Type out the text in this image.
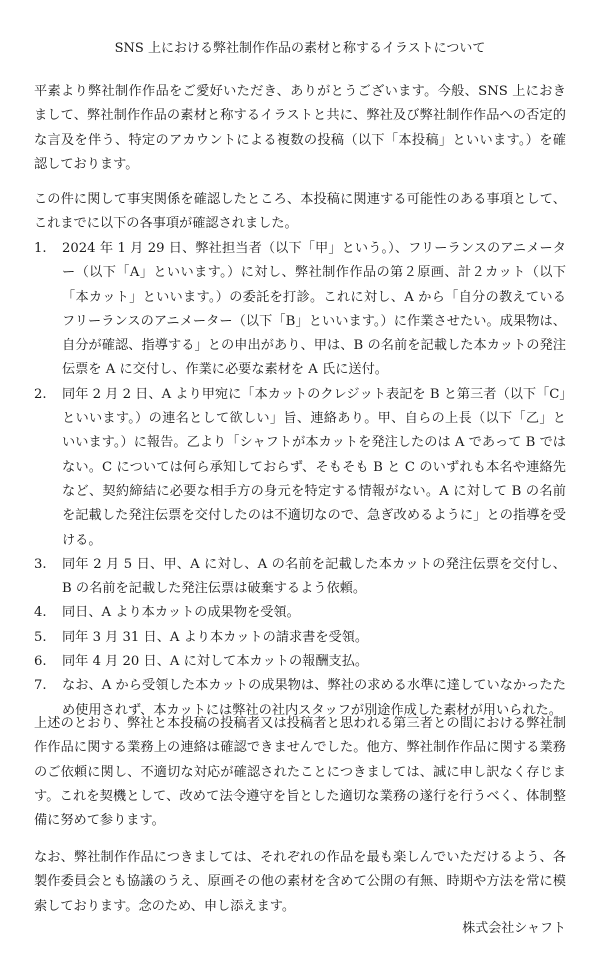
SNS 上における弊社制作作品の素材と称するイラストについて
平素より弊社制作作品をご愛好いただき、ありがとうございます。今般、SNS 上におきまして、弊社制作作品の素材と称するイラストと共に、弊社及び弊社制作作品への否定的な言及を伴う、特定のアカウントによる複数の投稿（以下「本投稿」といいます。）を確認しております。
この件に関して事実関係を確認したところ、本投稿に関連する可能性のある事項として、これまでに以下の各事項が確認されました。
1.	2024 年 1 月 29 日、弊社担当者（以下「甲」という。）、フリーランスのアニメーター（以下「A」といいます。）に対し、弊社制作作品の第２原画、計２カット（以下「本カット」といいます。）の委託を打診。これに対し、A から「自分の教えているフリーランスのアニメーター（以下「B」といいます。）に作業させたい。成果物は、自分が確認、指導する」との申出があり、甲は、B の名前を記載した本カットの発注伝票を A に交付し、作業に必要な素材を A 氏に送付。
2.	同年 2 月 2 日、A より甲宛に「本カットのクレジット表記を B と第三者（以下「C」といいます。）の連名として欲しい」旨、連絡あり。甲、自らの上長（以下「乙」といいます。）に報告。乙より「シャフトが本カットを発注したのは A であって B ではない。C については何ら承知しておらず、そもそも B と C のいずれも本名や連絡先など、契約締結に必要な相手方の身元を特定する情報がない。A に対して B の名前を記載した発注伝票を交付したのは不適切なので、急ぎ改めるように」との指導を受ける。
3.	同年 2 月 5 日、甲、A に対し、A の名前を記載した本カットの発注伝票を交付し、B の名前を記載した発注伝票は破棄するよう依頼。
4.	同日、A より本カットの成果物を受領。
5.	同年 3 月 31 日、A より本カットの請求書を受領。
6.	同年 4 月 20 日、A に対して本カットの報酬支払。
7.	なお、A から受領した本カットの成果物は、弊社の求める水準に達していなかったため使用されず、本カットには弊社の社内スタッフが別途作成した素材が用いられた。
上述のとおり、弊社と本投稿の投稿者又は投稿者と思われる第三者との間における弊社制作作品に関する業務上の連絡は確認できませんでした。他方、弊社制作作品に関する業務のご依頼に関し、不適切な対応が確認されたことにつきましては、誠に申し訳なく存じます。これを契機として、改めて法令遵守を旨とした適切な業務の遂行を行うべく、体制整備に努めて参ります。
なお、弊社制作作品につきましては、それぞれの作品を最も楽しんでいただけるよう、各製作委員会とも協議のうえ、原画その他の素材を含めて公開の有無、時期や方法を常に模索しております。念のため、申し添えます。
株式会社シャフト
